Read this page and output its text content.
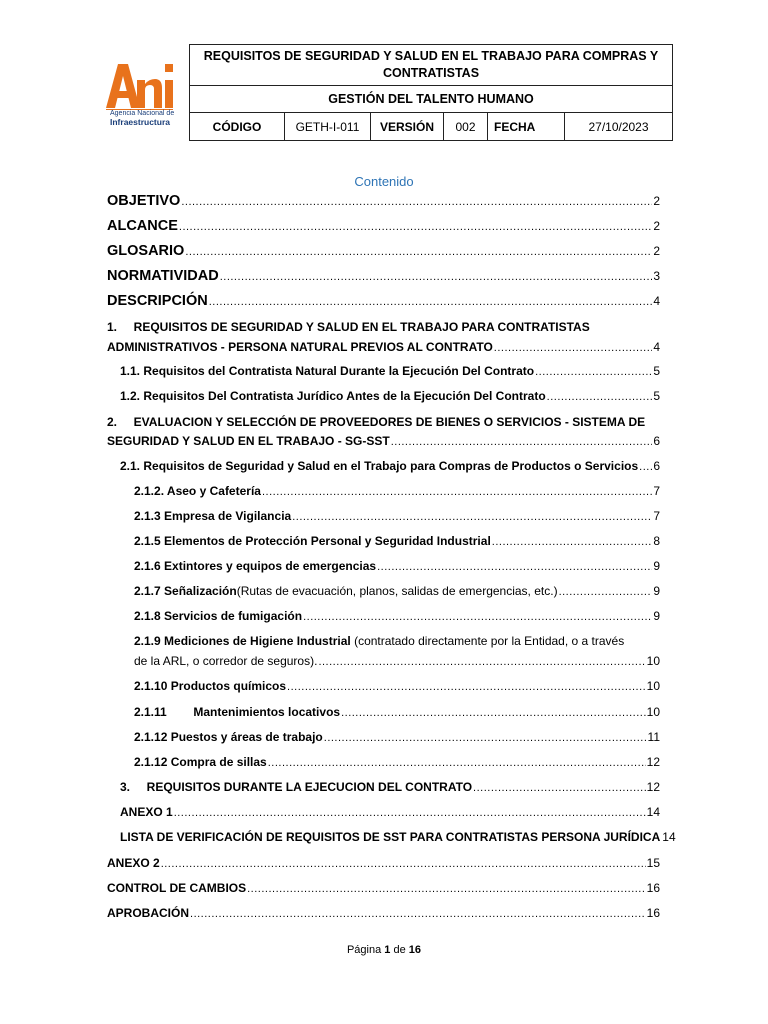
Agencia Nacional de
Infraestructura
REQUISITOS DE SEGURIDAD Y SALUD EN EL TRABAJO PARA COMPRAS Y CONTRATISTAS
GESTIÓN DEL TALENTO HUMANO
CÓDIGO	GETH-I-011	VERSIÓN	002	FECHA	27/10/2023
Contenido
OBJETIVO .....	2
ALCANCE .....	2
GLOSARIO .....	2
NORMATIVIDAD .....	3
DESCRIPCIÓN .....	4
1.     REQUISITOS DE SEGURIDAD Y SALUD EN EL TRABAJO PARA CONTRATISTAS
ADMINISTRATIVOS - PERSONA NATURAL PREVIOS AL CONTRATO .....	4
1.1. Requisitos del Contratista Natural Durante la Ejecución Del Contrato .....	5
1.2. Requisitos Del Contratista Jurídico Antes de la Ejecución Del Contrato .....	5
2.     EVALUACION Y SELECCIÓN DE PROVEEDORES DE BIENES O SERVICIOS - SISTEMA DE
SEGURIDAD Y SALUD EN EL TRABAJO - SG-SST .....	6
2.1. Requisitos de Seguridad y Salud en el Trabajo para Compras de Productos o Servicios ..... 6
2.1.2. Aseo y Cafetería .....	7
2.1.3 Empresa de Vigilancia .....	7
2.1.5 Elementos de Protección Personal y Seguridad Industrial .....	8
2.1.6 Extintores y equipos de emergencias .....	9
2.1.7 Señalización (Rutas de evacuación, planos, salidas de emergencias, etc.) .....	9
2.1.8 Servicios de fumigación .....	9
2.1.9 Mediciones de Higiene Industrial (contratado directamente por la Entidad, o a través
de la ARL, o corredor de seguros). .....	10
2.1.10 Productos químicos .....	10
2.1.11        Mantenimientos locativos .....	10
2.1.12 Puestos y áreas de trabajo .....	11
2.1.12 Compra de sillas .....	12
3.     REQUISITOS DURANTE LA EJECUCION DEL CONTRATO .....	12
ANEXO 1 .....	14
LISTA DE VERIFICACIÓN DE REQUISITOS DE SST PARA CONTRATISTAS PERSONA JURÍDICA 14
ANEXO 2 .....	15
CONTROL DE CAMBIOS .....	16
APROBACIÓN .....	16
Página 1 de 16
